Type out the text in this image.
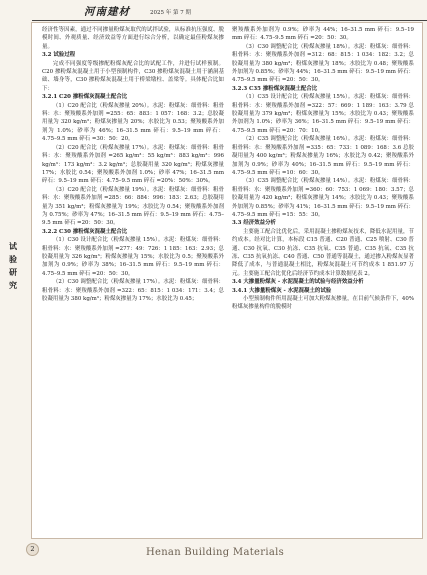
河南建材	2025 年 第 7 期
试验研究

经济性等因素，通过不同掺量粉煤灰取代的试拌试验，从标准抗压强度、脱模时间、外观质量、经济效益等方面进行综合分析，以确定最佳粉煤灰掺量。

3.2 试验过程

完成不同强度等级掺配粉煤灰配合比的试配工作，并进行试样预制。C20 掺粉煤灰混凝土用于小型预制构件，C30 掺粉煤灰混凝土用于涵洞基础、墙身等，C30 掺粉煤灰混凝土用于桥梁墩柱、盖梁等。具体配合比如下：

3.2.1 C20 掺粉煤灰混凝土配合比

（1）C20 配合比（粉煤灰掺量 20%）。水泥：粉煤灰：细骨料：粗骨料：水：聚羧酸系外加剂 =255：65：883：1 057：168：3.2；总胶凝用量为 320 kg/m³；粉煤灰掺量为 20%；水胶比为 0.53；聚羧酸系外加剂为 1.0%；砂率为 46%；16–31.5 mm 碎石：9.5–19 mm 碎石：4.75–9.5 mm 碎石 =30：50：20。

（2）C20 配合比（粉煤灰掺量 17%）。水泥：粉煤灰：细骨料：粗骨料：水：聚羧酸系外加剂 =265 kg/m³：55 kg/m³：883 kg/m³：996 kg/m³：173 kg/m³：3.2 kg/m³；总胶凝用量 320 kg/m³；粉煤灰掺量 17%；水胶比 0.54；聚羧酸系外加剂 1.0%；砂率 47%；16–31.5 mm 碎石：9.5–19 mm 碎石：4.75–9.5 mm 碎石 =20%：50%：30%。

（3）C20 配合比（粉煤灰掺量 19%）。水泥：粉煤灰：细骨料：粗骨料：水：聚羧酸系外加剂 =285：66：884：996：183：2.63；总胶凝用量为 351 kg/m³；粉煤灰掺量为 19%；水胶比为 0.54；聚羧酸系外加剂为 0.75%；砂率为 47%；16–31.5 mm 碎石：9.5–19 mm 碎石：4.75–9.5 mm 碎石 =20：50：30。

3.2.2 C30 掺粉煤灰混凝土配合比

（1）C30 设计配合比（粉煤灰掺量 15%）。水泥：粉煤灰：细骨料：粗骨料：水：聚羧酸系外加剂 =277：49：726：1 185：163：2.93；总胶凝用量为 326 kg/m³；粉煤灰掺量为 15%；水胶比为 0.5；聚羧酸系外加剂为 0.9%；砂率为 38%；16–31.5 mm 碎石：9.5–19 mm 碎石：4.75–9.5 mm 碎石 =20：50：30。

（2）C30 调整配合比（粉煤灰掺量 17%）。水泥：粉煤灰：细骨料：粗骨料：水：聚羧酸系外加剂 =322：65：815：1 034：171：3.4；总胶凝用量为 380 kg/m³；粉煤灰掺量为 17%；水胶比为 0.45；

聚羧酸系外加剂为 0.9%；砂率为 44%；16–31.5 mm 碎石：9.5–19 mm 碎石：4.75–9.5 mm 碎石 =20：50：30。

（3）C30 调整配合比（粉煤灰掺量 18%）。水泥：粉煤灰：细骨料：粗骨料：水：聚羧酸系外加剂 =312：68：815：1 034：182：3.2；总胶凝用量为 380 kg/m³；粉煤灰掺量为 18%；水胶比为 0.48；聚羧酸系外加剂为 0.85%；砂率为 44%；16–31.5 mm 碎石：9.5–19 mm 碎石：4.75–9.5 mm 碎石 =20：50：30。

3.2.3 C35 掺粉煤灰混凝土配合比

（1）C35 设计配合比（粉煤灰掺量 15%）。水泥：粉煤灰：细骨料：粗骨料：水：聚羧酸系外加剂 =322：57：669：1 189：163：3.79 总胶凝用量为 379 kg/m³；粉煤灰掺量为 15%；水胶比为 0.43；聚羧酸系外加剂为 1.0%；砂率为 36%；16–31.5 mm 碎石：9.5–19 mm 碎石：4.75–9.5 mm 碎石 =20：70：10。

（2）C35 调整配合比（粉煤灰掺量 16%）。水泥：粉煤灰：细骨料：粗骨料：水：聚羧酸系外加剂 =335：65：733：1 089：168：3.6 总胶凝用量为 400 kg/m³；粉煤灰掺量为 16%；水胶比为 0.42；聚羧酸系外加剂为 0.9%；砂率为 40%；16–31.5 mm 碎石：9.5–19 mm 碎石：4.75–9.5 mm 碎石 =10：60：30。

（3）C35 调整配合比（粉煤灰掺量 14%）。水泥：粉煤灰：细骨料：粗骨料：水：聚羧酸系外加剂 =360：60：753：1 069：180：3.57；总胶凝用量为 420 kg/m³；粉煤灰掺量为 14%；水胶比为 0.43；聚羧酸系外加剂为 0.85%；砂率为 41%；16–31.5 mm 碎石：9.5–19 mm 碎石：4.75–9.5 mm 碎石 =15：55：30。

3.3 经济效益分析

主要施工配合比优化后，采用混凝土掺粉煤灰技术，降低水泥用量，节约成本。经对比计算，本标段 C15 普通、C20 普通、C25 喷射、C30 普通、C30 抗氧、C30 抗冻、C35 抗氧、C35 普通、C35 抗氧、C35 抗冻、C35 抗氧抗冻、C40 普通、C50 普通等混凝土，通过掺入粉煤灰显著降低了成本，与普通混凝土相比，粉煤灰混凝土可节约成本 1 851.97 万元。主要施工配合比优化后经济节约成本计算数据见表 2。

3.4 大掺量粉煤灰 - 水泥混凝土的试验与经济效益分析

3.4.1 大掺量粉煤灰 - 水泥混凝土的试验

小型预制构件所用混凝土可加大粉煤灰掺量，在目前气候条件下，40% 粉煤灰掺量构件的脱模时

2	Henan Building Materials
